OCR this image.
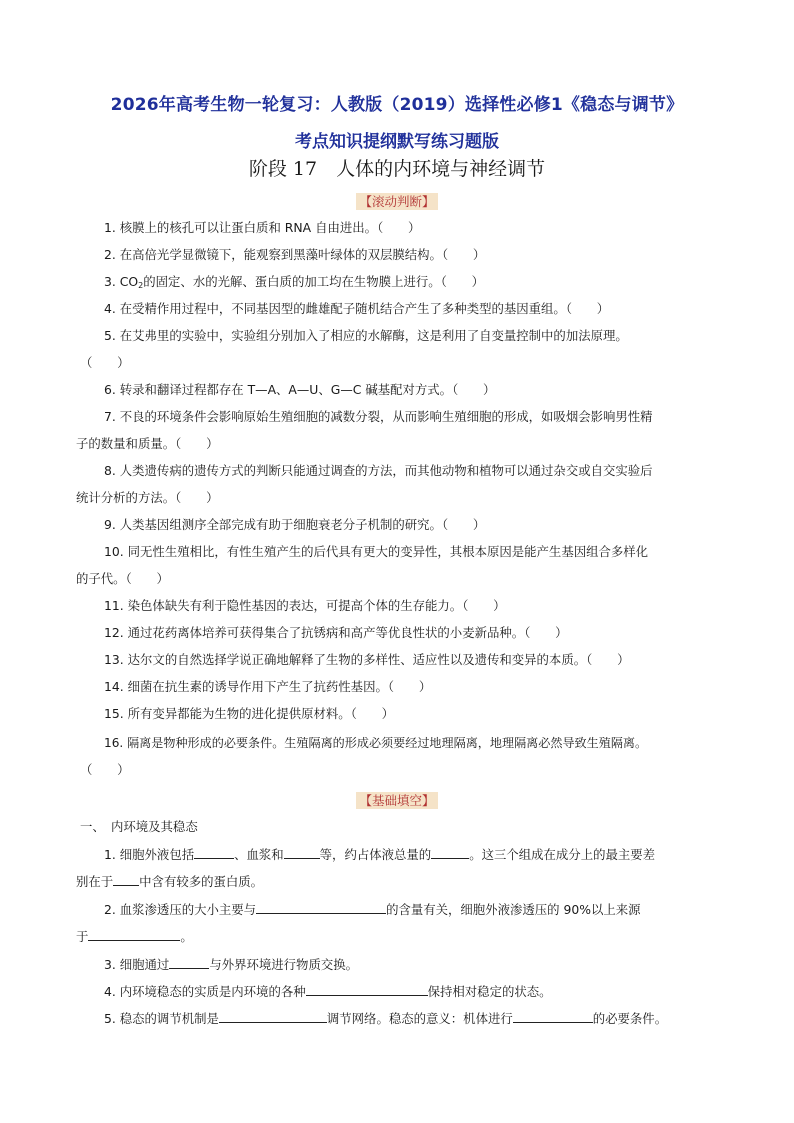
2026年高考生物一轮复习：人教版（2019）选择性必修1《稳态与调节》
考点知识提纲默写练习题版
阶段 17　人体的内环境与神经调节
【滚动判断】
1. 核膜上的核孔可以让蛋白质和 RNA 自由进出。（　　）
2. 在高倍光学显微镜下，能观察到黑藻叶绿体的双层膜结构。（　　）
3. $CO_2$的固定、水的光解、蛋白质的加工均在生物膜上进行。（　　）
4. 在受精作用过程中，不同基因型的雌雄配子随机结合产生了多种类型的基因重组。（　　）
5. 在艾弗里的实验中，实验组分别加入了相应的水解酶，这是利用了自变量控制中的加法原理。
（　　）
6. 转录和翻译过程都存在 T—A、A—U、G—C 碱基配对方式。（　　）
7. 不良的环境条件会影响原始生殖细胞的减数分裂，从而影响生殖细胞的形成，如吸烟会影响男性精
子的数量和质量。（　　）
8. 人类遗传病的遗传方式的判断只能通过调查的方法，而其他动物和植物可以通过杂交或自交实验后
统计分析的方法。（　　）
9. 人类基因组测序全部完成有助于细胞衰老分子机制的研究。（　　）
10. 同无性生殖相比，有性生殖产生的后代具有更大的变异性，其根本原因是能产生基因组合多样化
的子代。（　　）
11. 染色体缺失有利于隐性基因的表达，可提高个体的生存能力。（　　）
12. 通过花药离体培养可获得集合了抗锈病和高产等优良性状的小麦新品种。（　　）
13. 达尔文的自然选择学说正确地解释了生物的多样性、适应性以及遗传和变异的本质。（　　）
14. 细菌在抗生素的诱导作用下产生了抗药性基因。（　　）
15. 所有变异都能为生物的进化提供原材料。（　　）
16. 隔离是物种形成的必要条件。生殖隔离的形成必须要经过地理隔离，地理隔离必然导致生殖隔离。
（　　）
【基础填空】
一、　内环境及其稳态
1. 细胞外液包括	、血浆和	等，约占体液总量的	。这三个组成在成分上的最主要差
别在于 中含有较多的蛋白质。
2. 血浆渗透压的大小主要与	的含量有关，细胞外液渗透压的 90%以上来源
于	。
3. 细胞通过	与外界环境进行物质交换。
4. 内环境稳态的实质是内环境的各种	保持相对稳定的状态。
5. 稳态的调节机制是	调节网络。稳态的意义：机体进行	的必要条件。
